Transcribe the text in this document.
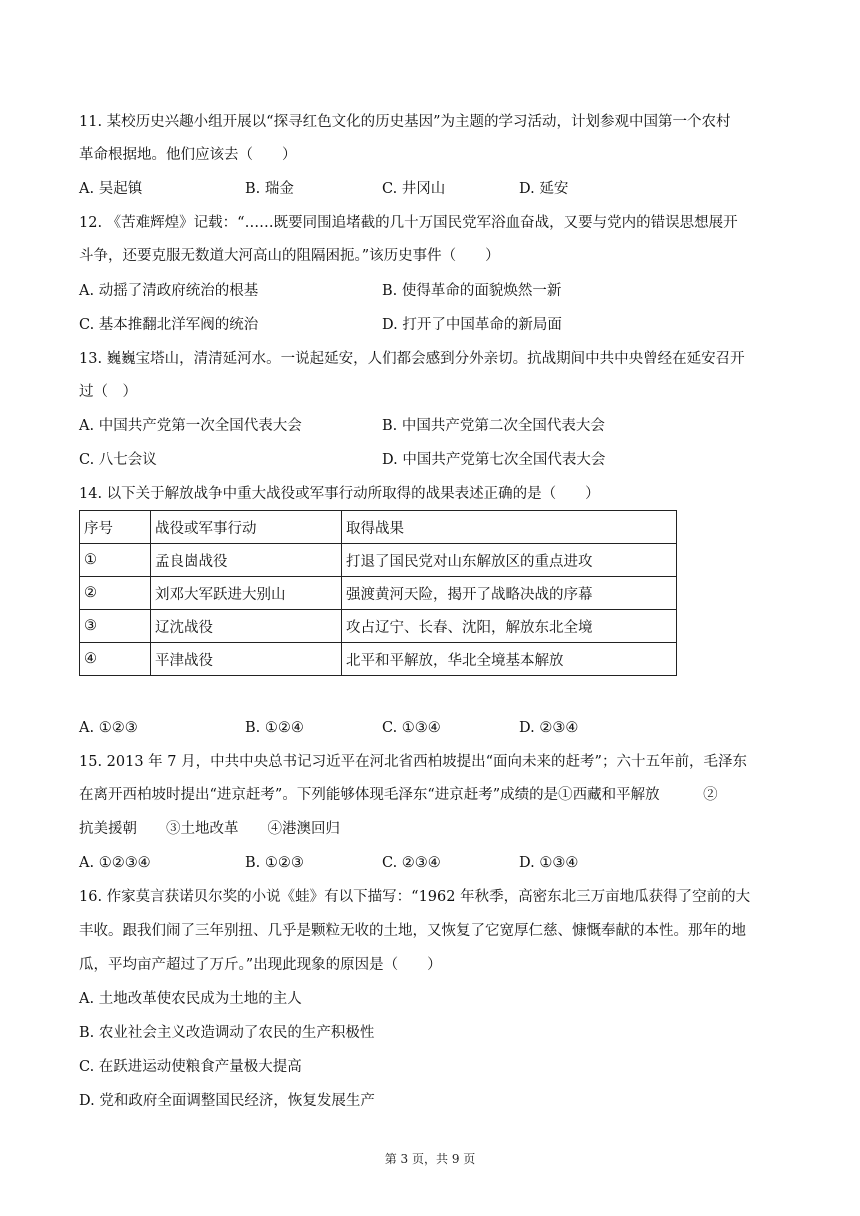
11. 某校历史兴趣小组开展以“探寻红色文化的历史基因”为主题的学习活动，计划参观中国第一个农村
革命根据地。他们应该去（　　）
A. 吴起镇	B. 瑞金	C. 井冈山	D. 延安
12. 《苦难辉煌》记载：“……既要同围追堵截的几十万国民党军浴血奋战，又要与党内的错误思想展开
斗争，还要克服无数道大河高山的阻隔困扼。”该历史事件（　　）
A. 动摇了清政府统治的根基	B. 使得革命的面貌焕然一新
C. 基本推翻北洋军阀的统治	D. 打开了中国革命的新局面
13. 巍巍宝塔山，清清延河水。一说起延安，人们都会感到分外亲切。抗战期间中共中央曾经在延安召开
过（　）
A. 中国共产党第一次全国代表大会	B. 中国共产党第二次全国代表大会
C. 八七会议	D. 中国共产党第七次全国代表大会
14. 以下关于解放战争中重大战役或军事行动所取得的战果表述正确的是（　　）
序号	战役或军事行动	取得战果
①	孟良崮战役	打退了国民党对山东解放区的重点进攻
②	刘邓大军跃进大别山	强渡黄河天险，揭开了战略决战的序幕
③	辽沈战役	攻占辽宁、长春、沈阳，解放东北全境
④	平津战役	北平和平解放，华北全境基本解放
A. ①②③	B. ①②④	C. ①③④	D. ②③④
15. 2013 年 7 月，中共中央总书记习近平在河北省西柏坡提出“面向未来的赶考”；六十五年前，毛泽东
在离开西柏坡时提出“进京赶考”。下列能够体现毛泽东“进京赶考”成绩的是①西藏和平解放　　　②
抗美援朝　　③土地改革　　④港澳回归
A. ①②③④	B. ①②③	C. ②③④	D. ①③④
16. 作家莫言获诺贝尔奖的小说《蛙》有以下描写：“1962 年秋季，高密东北三万亩地瓜获得了空前的大
丰收。跟我们闹了三年别扭、几乎是颗粒无收的土地，又恢复了它宽厚仁慈、慷慨奉献的本性。那年的地
瓜，平均亩产超过了万斤。”出现此现象的原因是（　　）
A. 土地改革使农民成为土地的主人
B. 农业社会主义改造调动了农民的生产积极性
C. 在跃进运动使粮食产量极大提高
D. 党和政府全面调整国民经济，恢复发展生产
第 3 页，共 9 页
